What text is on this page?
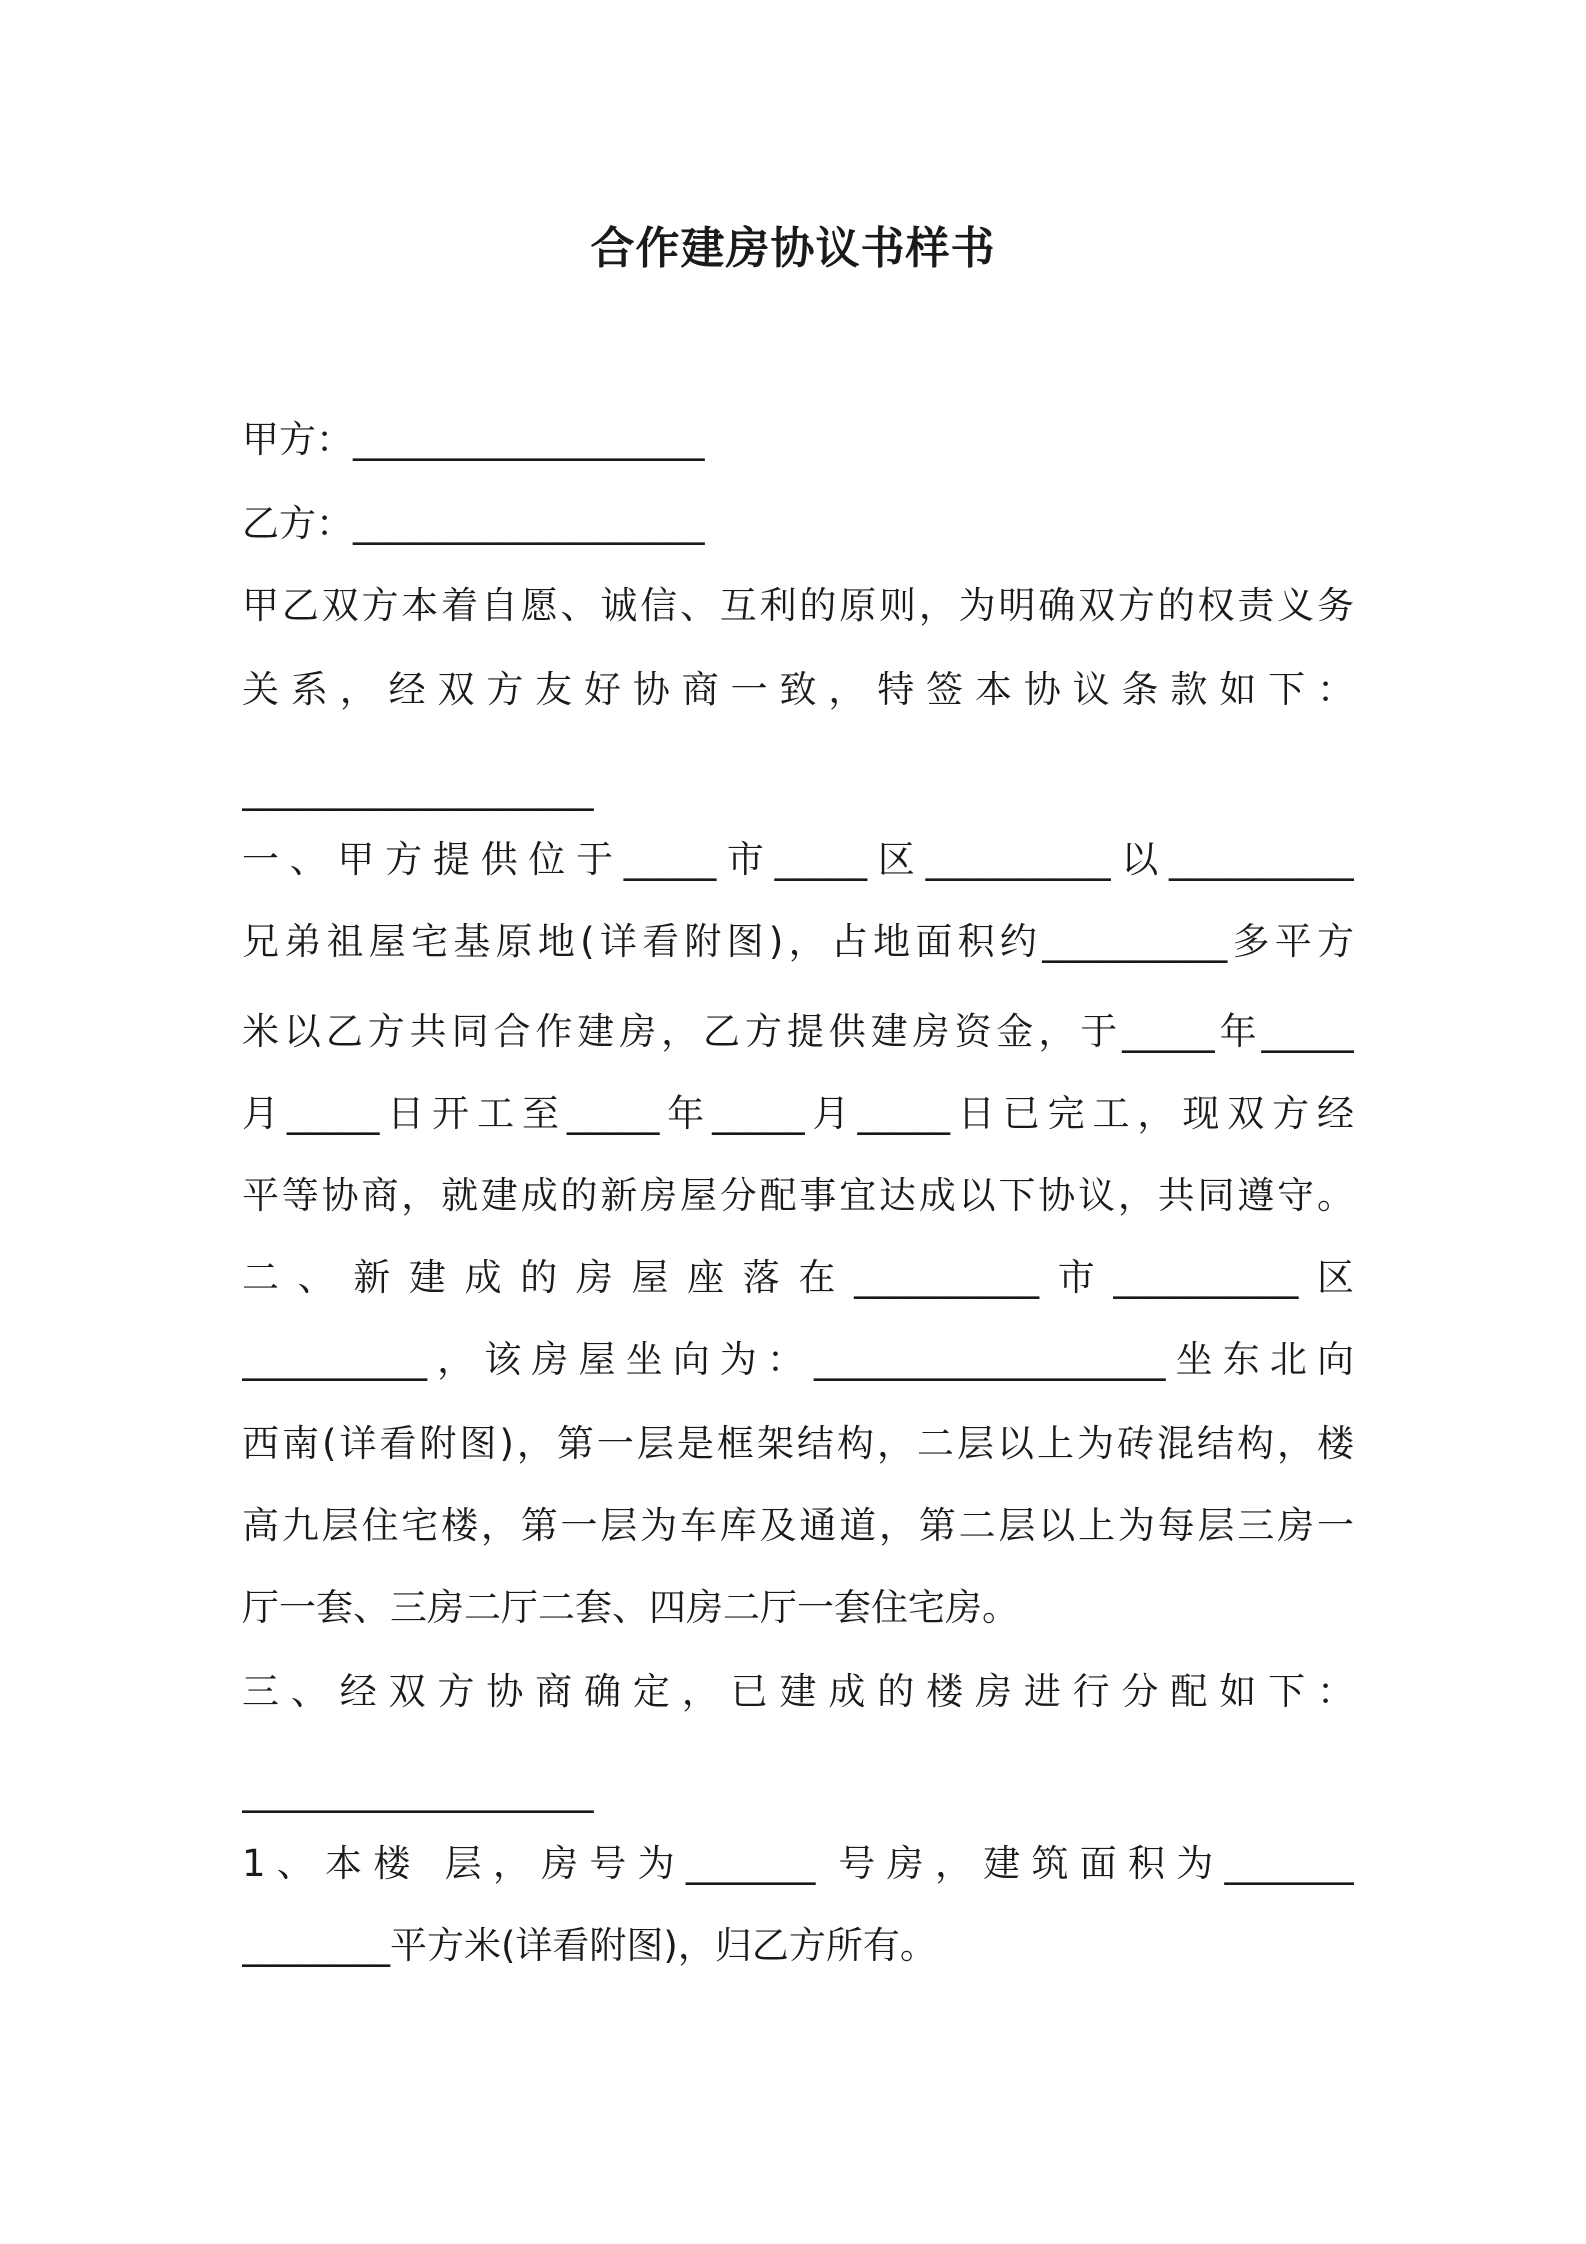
合作建房协议书样书
甲方：___________________
乙方：___________________
甲乙双方本着自愿、诚信、互利的原则，为明确双方的权责义务
关系，经双方友好协商一致，特签本协议条款如下：
___________________
一、甲方提供位于_____市_____区__________以__________
兄弟祖屋宅基原地(详看附图)，占地面积约__________多平方
米以乙方共同合作建房，乙方提供建房资金，于_____年_____
月_____日开工至_____年_____月_____日已完工，现双方经
平等协商，就建成的新房屋分配事宜达成以下协议，共同遵守。
二、新建成的房屋座落在__________市__________区
__________，该房屋坐向为：___________________坐东北向
西南(详看附图)，第一层是框架结构，二层以上为砖混结构，楼
高九层住宅楼，第一层为车库及通道，第二层以上为每层三房一
厅一套、三房二厅二套、四房二厅一套住宅房。
三、经双方协商确定，已建成的楼房进行分配如下：
___________________
1、本楼 层，房号为_______ 号房，建筑面积为_______
________平方米(详看附图)，归乙方所有。
